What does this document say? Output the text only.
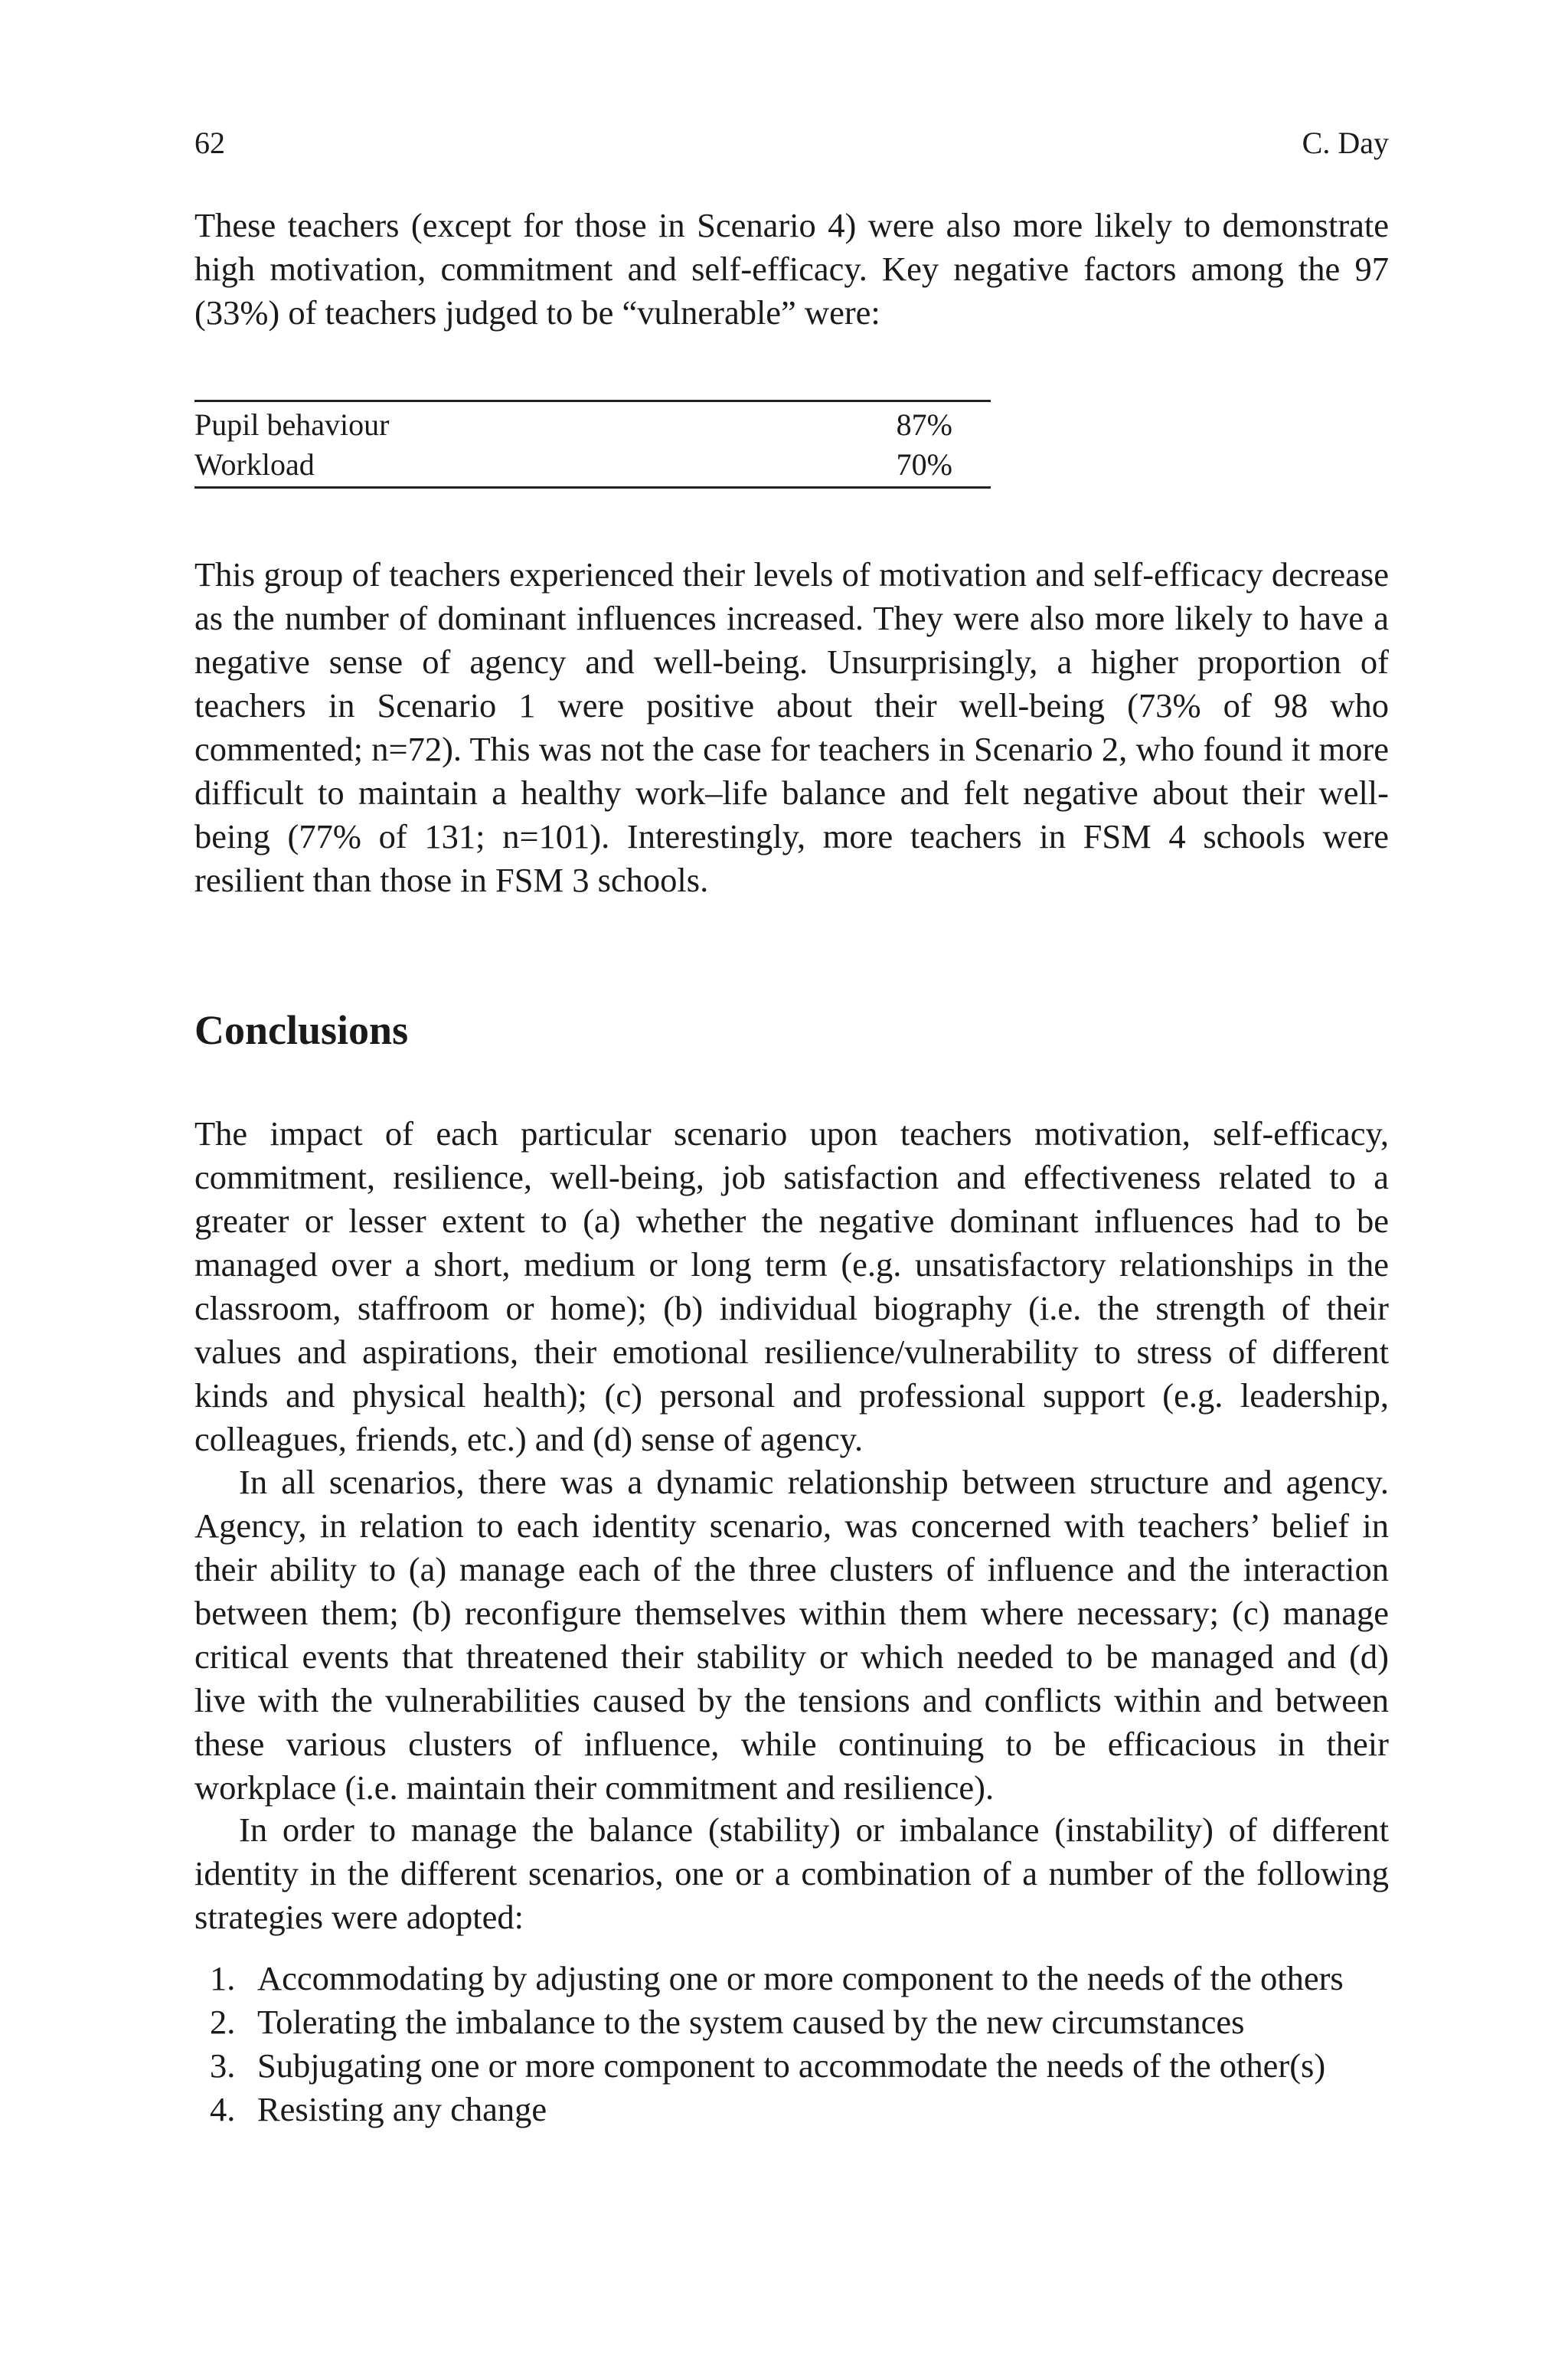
62	C. Day

These teachers (except for those in Scenario 4) were also more likely to demonstrate high motivation, commitment and self-efficacy. Key negative factors among the 97 (33%) of teachers judged to be “vulnerable” were:

Pupil behaviour	87%
Workload	70%

This group of teachers experienced their levels of motivation and self-efficacy decrease as the number of dominant influences increased. They were also more likely to have a negative sense of agency and well-being. Unsurprisingly, a higher proportion of teachers in Scenario 1 were positive about their well-being (73% of 98 who commented; n=72). This was not the case for teachers in Scenario 2, who found it more difficult to maintain a healthy work–life balance and felt negative about their well-being (77% of 131; n=101). Interestingly, more teachers in FSM 4 schools were resilient than those in FSM 3 schools.

Conclusions

The impact of each particular scenario upon teachers motivation, self-efficacy, commitment, resilience, well-being, job satisfaction and effectiveness related to a greater or lesser extent to (a) whether the negative dominant influences had to be managed over a short, medium or long term (e.g. unsatisfactory relationships in the classroom, staffroom or home); (b) individual biography (i.e. the strength of their values and aspirations, their emotional resilience/vulnerability to stress of different kinds and physical health); (c) personal and professional support (e.g. leadership, colleagues, friends, etc.) and (d) sense of agency.

In all scenarios, there was a dynamic relationship between structure and agency. Agency, in relation to each identity scenario, was concerned with teachers’ belief in their ability to (a) manage each of the three clusters of influence and the interaction between them; (b) reconfigure themselves within them where necessary; (c) manage critical events that threatened their stability or which needed to be managed and (d) live with the vulnerabilities caused by the tensions and conflicts within and between these various clusters of influence, while continuing to be efficacious in their workplace (i.e. maintain their commitment and resilience).

In order to manage the balance (stability) or imbalance (instability) of different identity in the different scenarios, one or a combination of a number of the following strategies were adopted:

1. Accommodating by adjusting one or more component to the needs of the others
2. Tolerating the imbalance to the system caused by the new circumstances
3. Subjugating one or more component to accommodate the needs of the other(s)
4. Resisting any change
